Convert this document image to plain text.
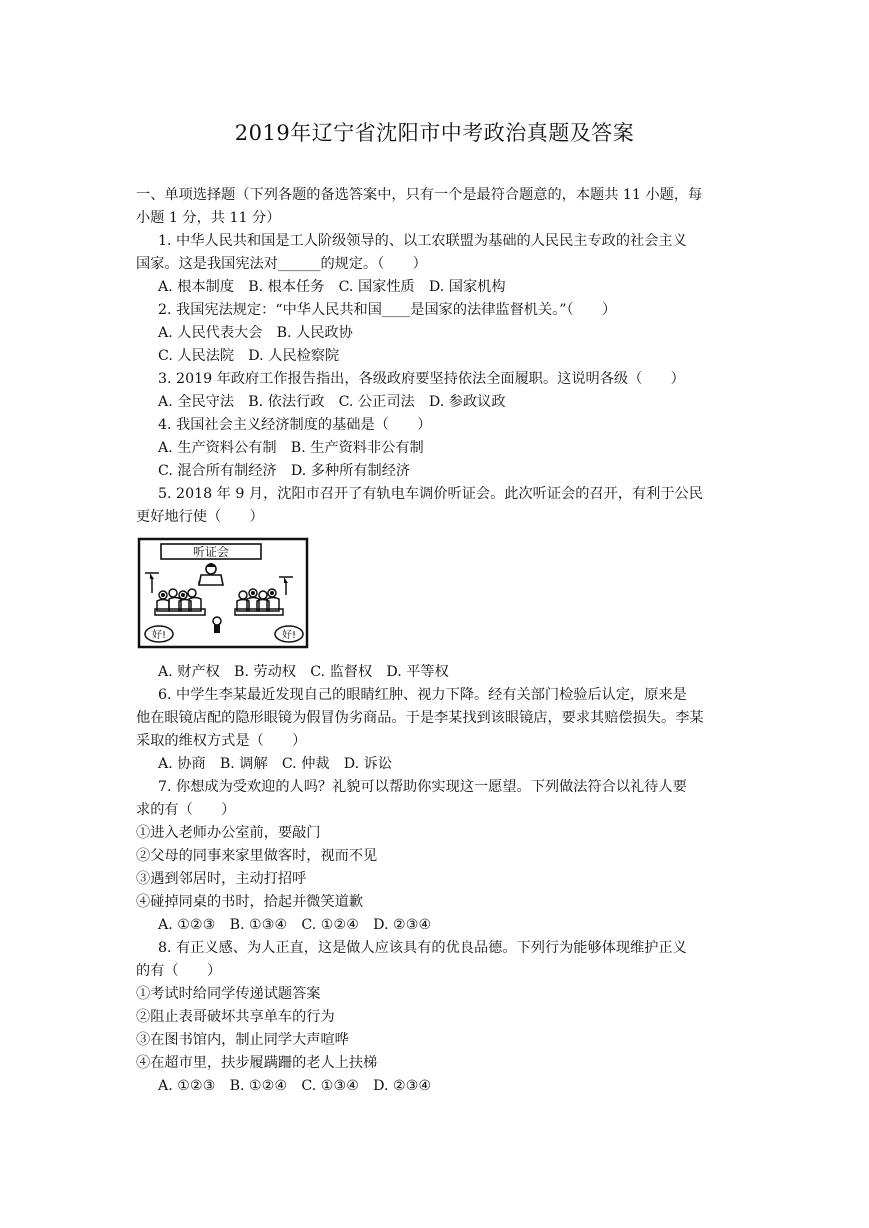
2019年辽宁省沈阳市中考政治真题及答案
一、单项选择题（下列各题的备选答案中，只有一个是最符合题意的，本题共 11 小题，每
小题 1 分，共 11 分）
1. 中华人民共和国是工人阶级领导的、以工农联盟为基础的人民民主专政的社会主义
国家。这是我国宪法对______的规定。（　　）
A. 根本制度　B. 根本任务　C. 国家性质　D. 国家机构
2. 我国宪法规定：“中华人民共和国____是国家的法律监督机关。”（　　）
A. 人民代表大会　B. 人民政协
C. 人民法院　D. 人民检察院
3. 2019 年政府工作报告指出，各级政府要坚持依法全面履职。这说明各级（　　）
A. 全民守法　B. 依法行政　C. 公正司法　D. 参政议政
4. 我国社会主义经济制度的基础是（　　）
A. 生产资料公有制　B. 生产资料非公有制
C. 混合所有制经济　D. 多种所有制经济
5. 2018 年 9 月，沈阳市召开了有轨电车调价听证会。此次听证会的召开，有利于公民
更好地行使（　　）
听证会
好!	好!
A. 财产权　B. 劳动权　C. 监督权　D. 平等权
6. 中学生李某最近发现自己的眼睛红肿、视力下降。经有关部门检验后认定，原来是
他在眼镜店配的隐形眼镜为假冒伪劣商品。于是李某找到该眼镜店，要求其赔偿损失。李某
采取的维权方式是（　　）
A. 协商　B. 调解　C. 仲裁　D. 诉讼
7. 你想成为受欢迎的人吗？礼貌可以帮助你实现这一愿望。下列做法符合以礼待人要
求的有（　　）
①进入老师办公室前，要敲门
②父母的同事来家里做客时，视而不见
③遇到邻居时，主动打招呼
④碰掉同桌的书时，拾起并微笑道歉
A. ①②③　B. ①③④　C. ①②④　D. ②③④
8. 有正义感、为人正直，这是做人应该具有的优良品德。下列行为能够体现维护正义
的有（　　）
①考试时给同学传递试题答案
②阻止表哥破坏共享单车的行为
③在图书馆内，制止同学大声喧哗
④在超市里，扶步履蹒跚的老人上扶梯
A. ①②③　B. ①②④　C. ①③④　D. ②③④
